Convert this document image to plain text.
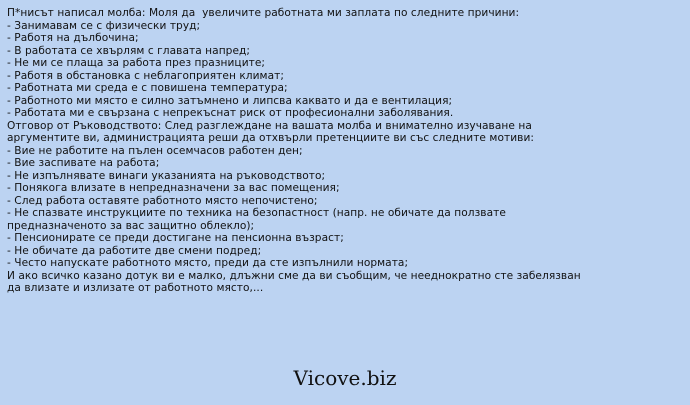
П*нисът написал молба: Моля да  увеличите работната ми заплата по следните причини:
- Занимавам се с физически труд;
- Работя на дълбочина;
- В работата се хвърлям с главата напред;
- Не ми се плаща за работа през празниците;
- Работя в обстановка с неблагоприятен климат;
- Работната ми среда е с повишена температура;
- Работното ми място е силно затъмнено и липсва каквато и да е вентилация;
- Работата ми е свързана с непрекъснат риск от професионални заболявания.
Отговор от Ръководството: След разглеждане на вашата молба и внимателно изучаване на
аргументите ви, администрацията реши да отхвърли претенциите ви със следните мотиви:
- Вие не работите на пълен осемчасов работен ден;
- Вие заспивате на работа;
- Не изпълнявате винаги указанията на ръководството;
- Понякога влизате в непредназначени за вас помещения;
- След работа оставяте работното място непочистено;
- Не спазвате инструкциите по техника на безопастност (напр. не обичате да ползвате
предназначеното за вас защитно облекло);
- Пенсионирате се преди достигане на пенсионна възраст;
- Не обичате да работите две смени подред;
- Често напускате работното място, преди да сте изпълнили нормата;
И ако всичко казано дотук ви е малко, длъжни сме да ви съобщим, че нееднократно сте забелязван
да влизате и излизате от работното място,...
Vicove.biz
